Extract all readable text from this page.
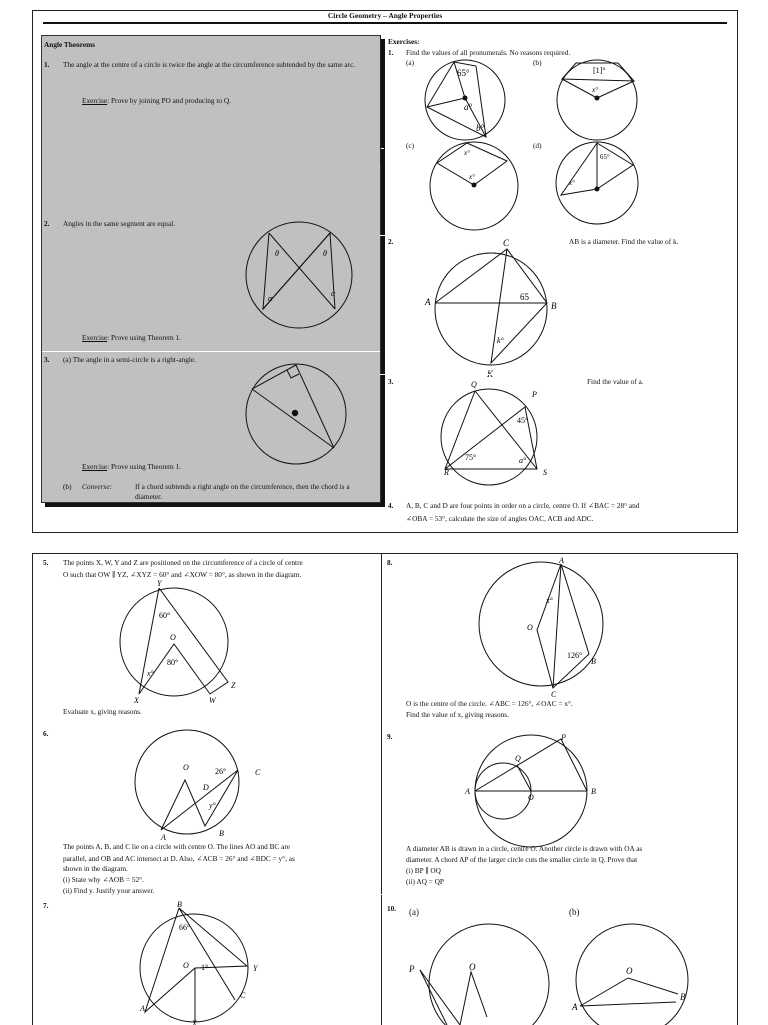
Circle Geometry – Angle Properties
Angle Theorems
1. The angle at the centre of a circle is twice the angle at the circumference subtended by the same arc.
Exercise: Prove by joining PO and producing to Q.
2. Angles in the same segment are equal.
Exercise: Prove using Theorem 1.
3. (a) The angle in a semi-circle is a right-angle.
Exercise: Prove using Theorem 1.
(b) Converse:	If a chord subtends a right angle on the circumference, then the chord is a diameter.
θ	θ
α
α
Exercises:
1. Find the values of all pronumerals. No reasons required.
(a)	(b)
(c)	(d)
65°
a°
b°
[1]°
x°
x°
x°
65°
x°
2.	AB is a diameter. Find the value of k.
A	B
C
K
65
k°
3.	Find the value of a.
Q
P
R	S
45°
75°	a°
4. A, B, C and D are four points in order on a circle, centre O. If ∠BAC = 28° and
∠OBA = 53°, calculate the size of angles OAC, ACB and ADC.
5. The points X, W, Y and Z are positioned on the circumference of a circle of centre
O such that OW ∥ YZ, ∠XYZ = 60° and ∠XOW = 80°, as shown in the diagram.
Y
O
X	W
Z
60°
80°
x°
Evaluate x, giving reasons.
6.
O
A	B
C
D
26°
y°
The points A, B, and C lie on a circle with centre O. The lines AO and BC are
parallel, and OB and AC intersect at D. Also, ∠ACB = 26° and ∠BDC = y°, as
shown in the diagram.
(i) State why ∠AOB = 52°.
(ii) Find y. Justify your answer.
7.	B
O	Y
C
A
X
66°
1°
8.	A
O
B
C
x°
126°
O is the centre of the circle. ∠ABC = 126°, ∠OAC = x°.
Find the value of x, giving reasons.
9.
A
O
B
P
Q
A diameter AB is drawn in a circle, centre O. Another circle is drawn with OA as
diameter. A chord AP of the larger circle cuts the smaller circle in Q. Prove that
(i) BP ∥ OQ
(ii) AQ = QP
10. (a)	(b)
P	O	O
A
B
